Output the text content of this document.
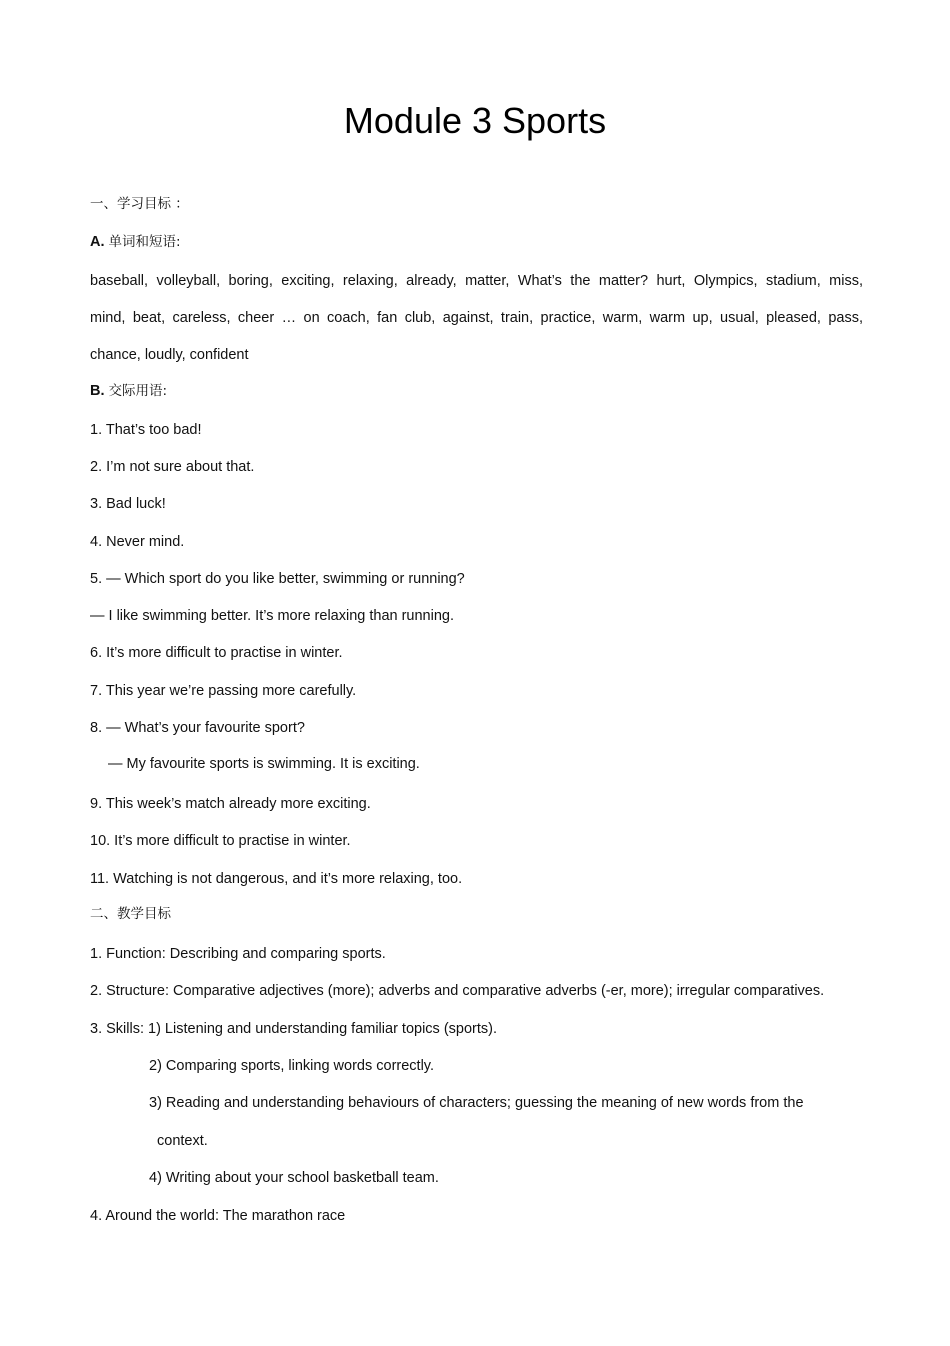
Module 3 Sports

一、学习目标 ：

A. 单词和短语:

baseball, volleyball, boring, exciting, relaxing, already, matter, What’s the matter? hurt, Olympics, stadium, miss,

mind, beat, careless, cheer … on coach, fan club, against, train, practice, warm, warm up, usual, pleased, pass,

chance, loudly, confident

B. 交际用语:

1. That’s too bad!

2. I’m not sure about that.

3. Bad luck!

4. Never mind.

5. — Which sport do you like better, swimming or running?

— I like swimming better. It’s more relaxing than running.

6. It’s more difficult to practise in winter.

7. This year we’re passing more carefully.

8. — What’s your favourite sport?

— My favourite sports is swimming. It is exciting.

9. This week’s match already more exciting.

10. It’s more difficult to practise in winter.

11. Watching is not dangerous, and it’s more relaxing, too.

二、教学目标

1. Function: Describing and comparing sports.

2. Structure: Comparative adjectives (more); adverbs and comparative adverbs (-er, more); irregular comparatives.

3. Skills: 1) Listening and understanding familiar topics (sports).

2) Comparing sports, linking words correctly.

3) Reading and understanding behaviours of characters; guessing the meaning of new words from the

context.

4) Writing about your school basketball team.

4. Around the world: The marathon race
